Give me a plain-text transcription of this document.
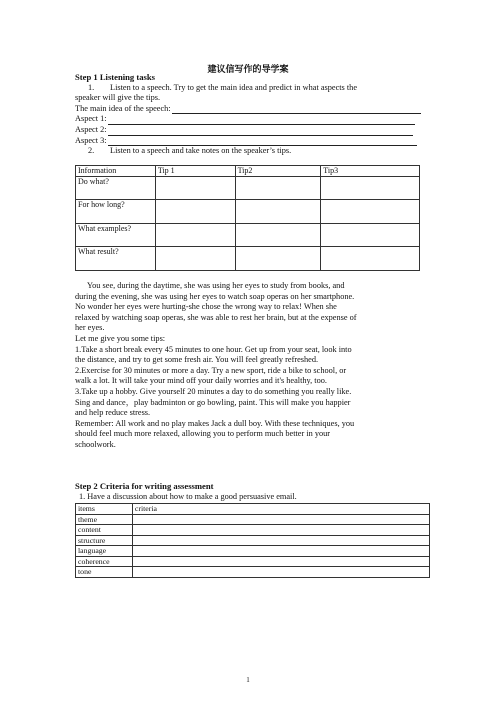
建议信写作的导学案
Step 1 Listening tasks
1.	Listen to a speech. Try to get the main idea and predict in what aspects the
speaker will give the tips.
The main idea of the speech:
Aspect 1:
Aspect 2:
Aspect 3:
2.	Listen to a speech and take notes on the speaker’s tips.
Information	Tip 1	Tip2	Tip3
Do what?			
For how long?			
What examples?			
What result?			
You see, during the daytime, she was using her eyes to study from books, and
during the evening, she was using her eyes to watch soap operas on her smartphone.
No wonder her eyes were hurting-she chose the wrong way to relax! When she
relaxed by watching soap operas, she was able to rest her brain, but at the expense of
her eyes.
Let me give you some tips:
1.Take a short break every 45 minutes to one hour. Get up from your seat, look into
the distance, and try to get some fresh air. You will feel greatly refreshed.
2.Exercise for 30 minutes or more a day. Try a new sport, ride a bike to school, or
walk a lot. It will take your mind off your daily worries and it's healthy, too.
3.Take up a hobby. Give yourself 20 minutes a day to do something you really like.
Sing and dance，play badminton or go bowling, paint. This will make you happier
and help reduce stress.
Remember: All work and no play makes Jack a dull boy. With these techniques, you
should feel much more relaxed, allowing you to perform much better in your
schoolwork.
Step 2 Criteria for writing assessment
1. Have a discussion about how to make a good persuasive email.
items	criteria
theme	
content	
structure	
language	
coherence	
tone	
1
